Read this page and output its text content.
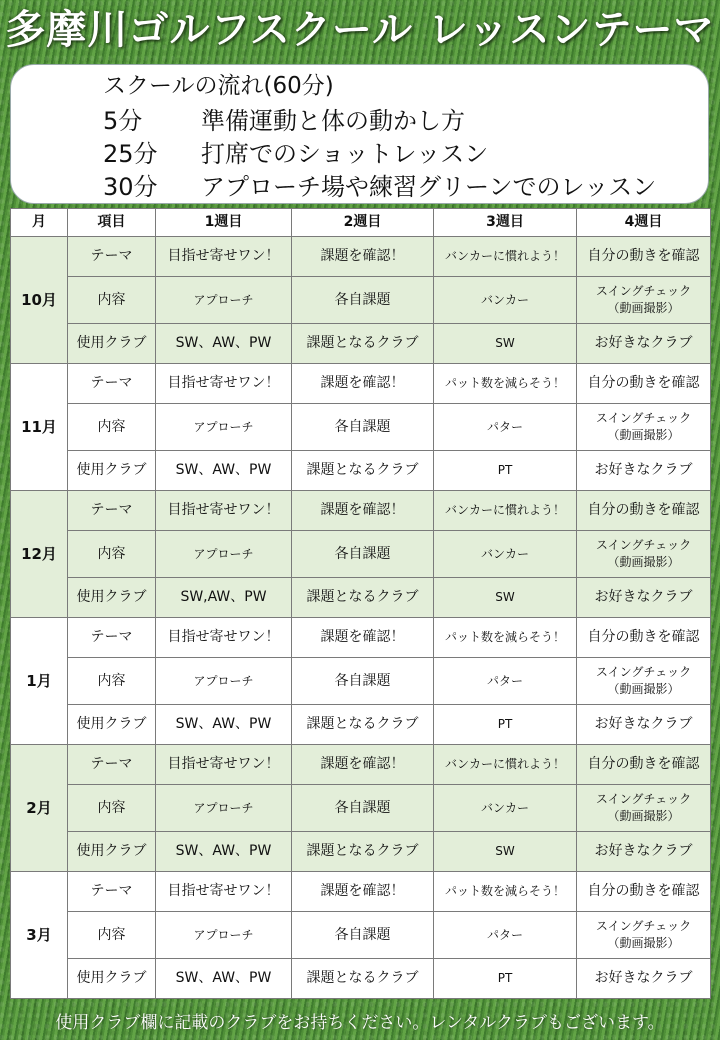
多摩川ゴルフスクール レッスンテーマ
スクールの流れ(60分)
5分	準備運動と体の動かし方
25分	打席でのショットレッスン
30分	アプローチ場や練習グリーンでのレッスン
月	項目	1週目	2週目	3週目	4週目
10月	テーマ	目指せ寄せワン！	課題を確認！	バンカーに慣れよう！	自分の動きを確認
	内容	アプローチ	各自課題	バンカー	スイングチェック
（動画撮影）
	使用クラブ	SW、AW、PW	課題となるクラブ	SW	お好きなクラブ
11月	テーマ	目指せ寄せワン！	課題を確認！	パット数を減らそう！	自分の動きを確認
	内容	アプローチ	各自課題	パター	スイングチェック
（動画撮影）
	使用クラブ	SW、AW、PW	課題となるクラブ	PT	お好きなクラブ
12月	テーマ	目指せ寄せワン！	課題を確認！	バンカーに慣れよう！	自分の動きを確認
	内容	アプローチ	各自課題	バンカー	スイングチェック
（動画撮影）
	使用クラブ	SW,AW、PW	課題となるクラブ	SW	お好きなクラブ
1月	テーマ	目指せ寄せワン！	課題を確認！	パット数を減らそう！	自分の動きを確認
	内容	アプローチ	各自課題	パター	スイングチェック
（動画撮影）
	使用クラブ	SW、AW、PW	課題となるクラブ	PT	お好きなクラブ
2月	テーマ	目指せ寄せワン！	課題を確認！	バンカーに慣れよう！	自分の動きを確認
	内容	アプローチ	各自課題	バンカー	スイングチェック
（動画撮影）
	使用クラブ	SW、AW、PW	課題となるクラブ	SW	お好きなクラブ
3月	テーマ	目指せ寄せワン！	課題を確認！	パット数を減らそう！	自分の動きを確認
	内容	アプローチ	各自課題	パター	スイングチェック
（動画撮影）
	使用クラブ	SW、AW、PW	課題となるクラブ	PT	お好きなクラブ
使用クラブ欄に記載のクラブをお持ちください。レンタルクラブもございます。
